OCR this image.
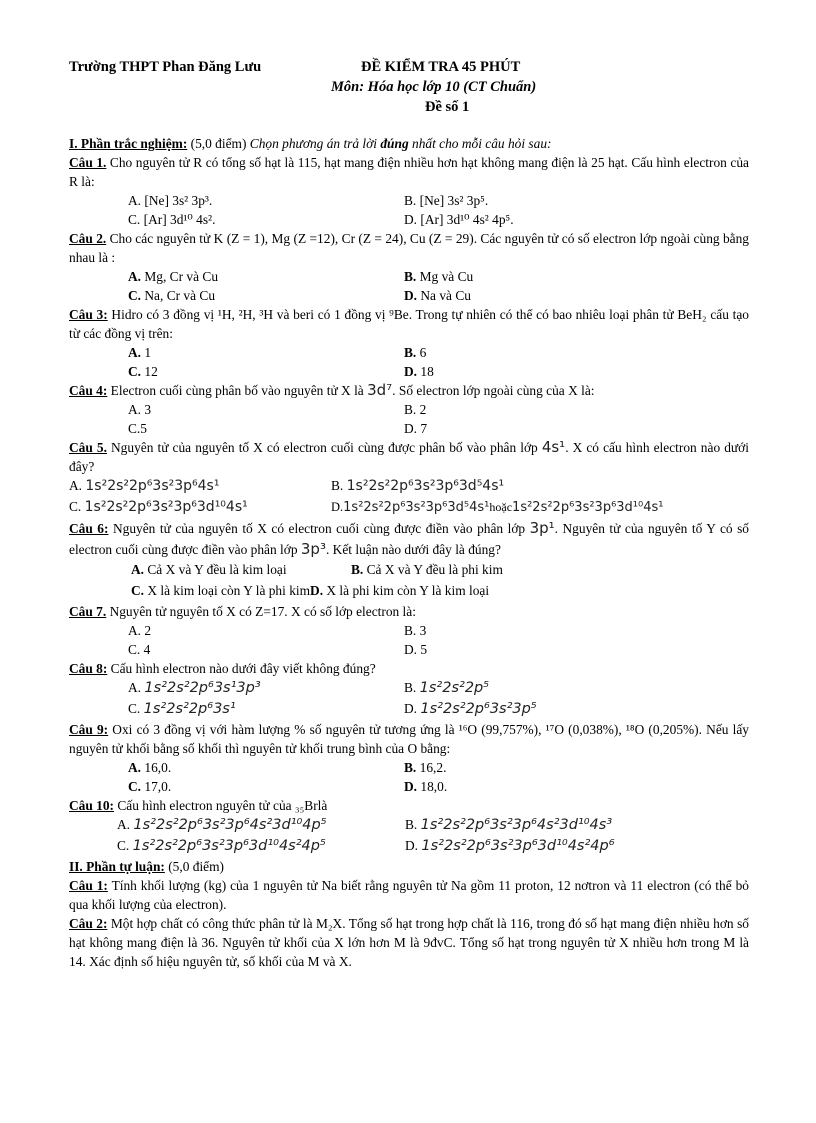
Trường THPT Phan Đăng Lưu	ĐỀ KIỂM TRA 45 PHÚT
Môn: Hóa học lớp 10 (CT Chuẩn)
Đề số 1
I. Phần trắc nghiệm: (5,0 điểm) Chọn phương án trả lời đúng nhất cho mỗi câu hỏi sau:
Câu 1. Cho nguyên tử R có tổng số hạt là 115, hạt mang điện nhiều hơn hạt không mang điện là 25 hạt. Cấu hình electron của R là:
A. [Ne] 3s² 3p³.	B. [Ne] 3s² 3p⁵.
C. [Ar] 3d¹⁰ 4s².	D. [Ar] 3d¹⁰ 4s² 4p⁵.
Câu 2. Cho các nguyên tử K (Z = 1), Mg (Z =12), Cr (Z = 24), Cu (Z = 29). Các nguyên tử có số electron lớp ngoài cùng bằng nhau là :
A. Mg, Cr và Cu	B. Mg và Cu
C. Na, Cr và Cu	D. Na và Cu
Câu 3: Hidro có 3 đồng vị ¹H, ²H, ³H và beri có 1 đồng vị ⁹Be. Trong tự nhiên có thể có bao nhiêu loại phân tử BeH₂ cấu tạo từ các đồng vị trên:
A. 1	B. 6
C. 12	D. 18
Câu 4: Electron cuối cùng phân bố vào nguyên tử X là 3d⁷. Số electron lớp ngoài cùng của X là:
A. 3	B. 2
C.5	D. 7
Câu 5. Nguyên tử của nguyên tố X có electron cuối cùng được phân bố vào phân lớp 4s¹. X có cấu hình electron nào dưới đây?
A. 1s²2s²2p⁶3s²3p⁶4s¹	B. 1s²2s²2p⁶3s²3p⁶3d⁵4s¹
C. 1s²2s²2p⁶3s²3p⁶3d¹⁰4s¹	D.1s²2s²2p⁶3s²3p⁶3d⁵4s¹hoặc1s²2s²2p⁶3s²3p⁶3d¹⁰4s¹
Câu 6: Nguyên tử của nguyên tố X có electron cuối cùng được điền vào phân lớp 3p¹. Nguyên tử của nguyên tố Y có số electron cuối cùng được điền vào phân lớp 3p³. Kết luận nào dưới đây là đúng?
A. Cả X và Y đều là kim loại	B. Cả X và Y đều là phi kim
C. X là kim loại còn Y là phi kim D. X là phi kim còn Y là kim loại
Câu 7. Nguyên tử nguyên tố X có Z=17. X có số lớp electron là:
A. 2	B. 3
C. 4	D. 5
Câu 8: Cấu hình electron nào dưới đây viết không đúng?
A. 1s²2s²2p⁶3s¹3p³	B. 1s²2s²2p⁵
C. 1s²2s²2p⁶3s¹	D. 1s²2s²2p⁶3s²3p⁵
Câu 9: Oxi có 3 đồng vị với hàm lượng % số nguyên tử tương ứng là ¹⁶O (99,757%), ¹⁷O (0,038%), ¹⁸O (0,205%). Nếu lấy nguyên tử khối bằng số khối thì nguyên tử khối trung bình của O bằng:
A. 16,0.	B. 16,2.
C. 17,0.	D. 18,0.
Câu 10: Cấu hình electron nguyên tử của ₃₅Brlà
A. 1s²2s²2p⁶3s²3p⁶4s²3d¹⁰4p⁵	B. 1s²2s²2p⁶3s²3p⁶4s²3d¹⁰4s³
C. 1s²2s²2p⁶3s²3p⁶3d¹⁰4s²4p⁵	D. 1s²2s²2p⁶3s²3p⁶3d¹⁰4s²4p⁶
II. Phần tự luận: (5,0 điểm)
Câu 1: Tính khối lượng (kg) của 1 nguyên tử Na biết rằng nguyên tử Na gồm 11 proton, 12 nơtron và 11 electron (có thể bỏ qua khối lượng của electron).
Câu 2: Một hợp chất có công thức phân tử là M₂X. Tổng số hạt trong hợp chất là 116, trong đó số hạt mang điện nhiều hơn số hạt không mang điện là 36. Nguyên tử khối của X lớn hơn M là 9đvC. Tổng số hạt trong nguyên tử X nhiều hơn trong M là 14. Xác định số hiệu nguyên tử, số khối của M và X.
